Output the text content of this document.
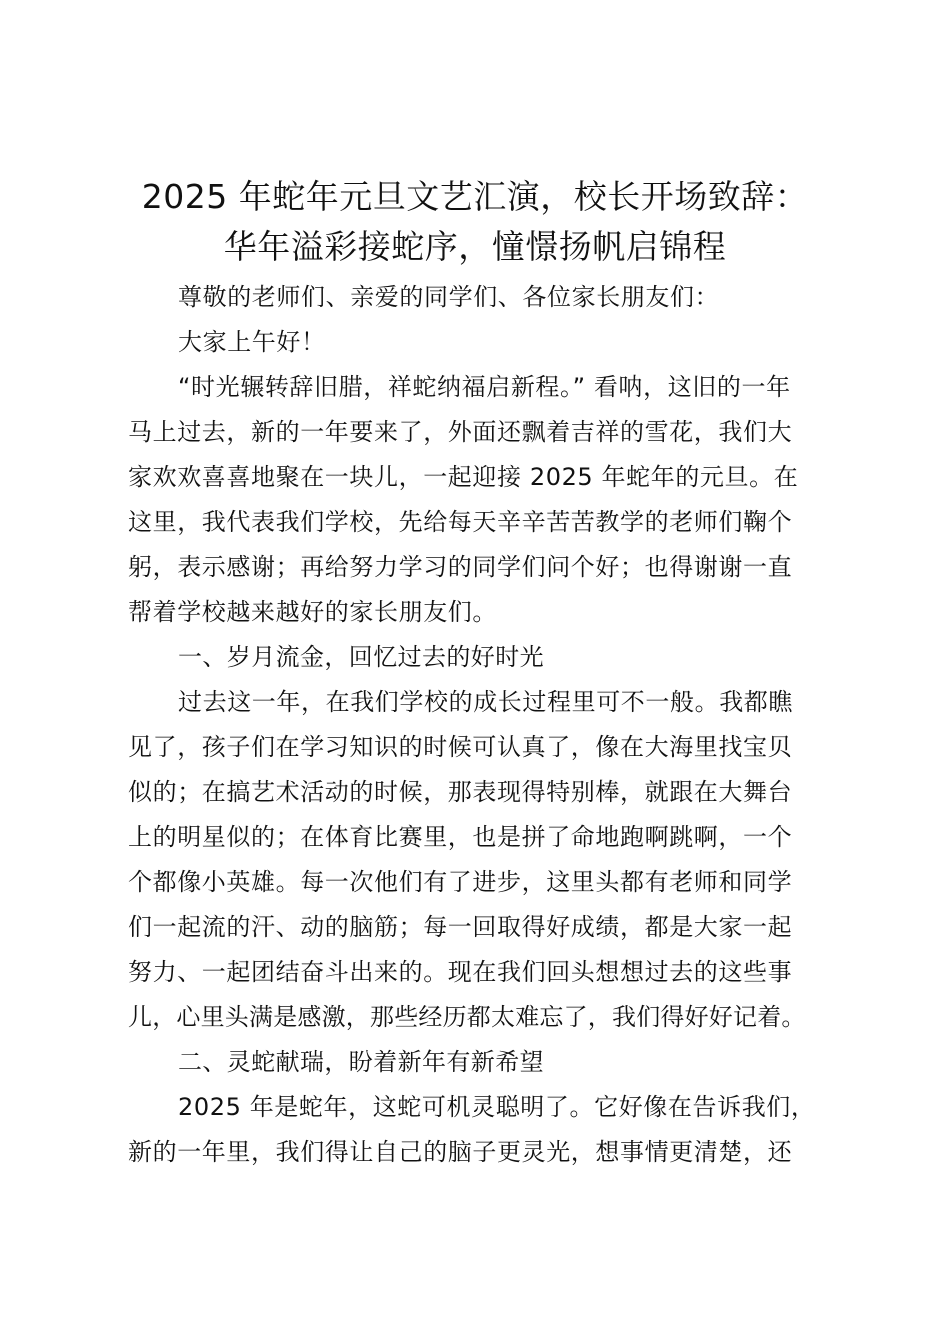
2025 年蛇年元旦文艺汇演，校长开场致辞：
华年溢彩接蛇序，憧憬扬帆启锦程
尊敬的老师们、亲爱的同学们、各位家长朋友们：
大家上午好！
“时光辗转辞旧腊，祥蛇纳福启新程。” 看呐，这旧的一年
马上过去，新的一年要来了，外面还飘着吉祥的雪花，我们大
家欢欢喜喜地聚在一块儿，一起迎接 2025 年蛇年的元旦。在
这里，我代表我们学校，先给每天辛辛苦苦教学的老师们鞠个
躬，表示感谢；再给努力学习的同学们问个好；也得谢谢一直
帮着学校越来越好的家长朋友们。
一、岁月流金，回忆过去的好时光
过去这一年，在我们学校的成长过程里可不一般。我都瞧
见了，孩子们在学习知识的时候可认真了，像在大海里找宝贝
似的；在搞艺术活动的时候，那表现得特别棒，就跟在大舞台
上的明星似的；在体育比赛里，也是拼了命地跑啊跳啊，一个
个都像小英雄。每一次他们有了进步，这里头都有老师和同学
们一起流的汗、动的脑筋；每一回取得好成绩，都是大家一起
努力、一起团结奋斗出来的。现在我们回头想想过去的这些事
儿，心里头满是感激，那些经历都太难忘了，我们得好好记着。
二、灵蛇献瑞，盼着新年有新希望
2025 年是蛇年，这蛇可机灵聪明了。它好像在告诉我们，
新的一年里，我们得让自己的脑子更灵光，想事情更清楚，还
